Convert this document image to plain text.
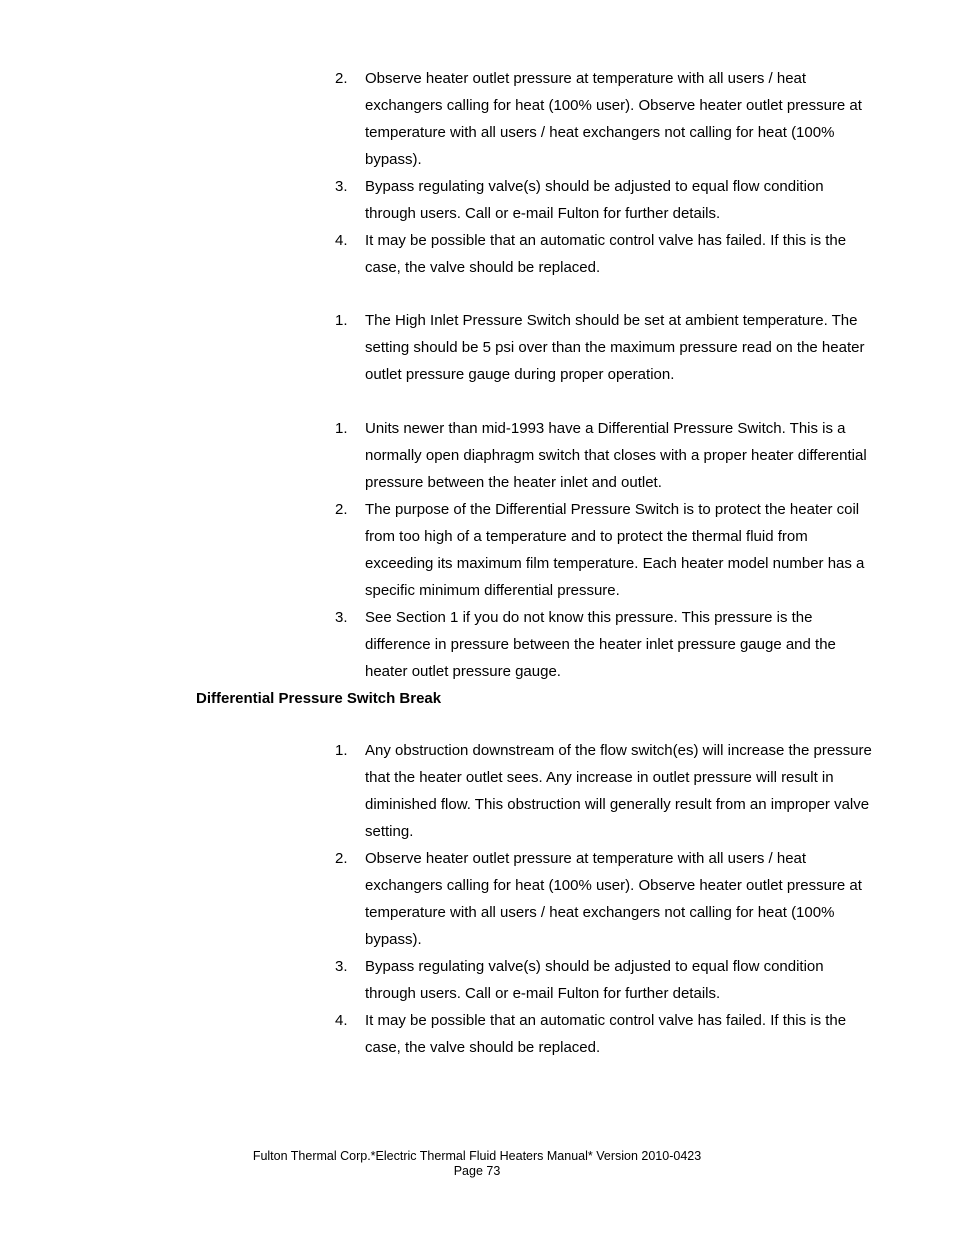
2.	Observe heater outlet pressure at temperature with all users / heat exchangers calling for heat (100% user). Observe heater outlet pressure at temperature with all users / heat exchangers not calling for heat (100% bypass).
3.	Bypass regulating valve(s) should be adjusted to equal flow condition through users. Call or e-mail Fulton for further details.
4.	It may be possible that an automatic control valve has failed. If this is the case, the valve should be replaced.
1.	The High Inlet Pressure Switch should be set at ambient temperature. The setting should be 5 psi over than the maximum pressure read on the heater outlet pressure gauge during proper operation.
1.	Units newer than mid-1993 have a Differential Pressure Switch. This is a normally open diaphragm switch that closes with a proper heater differential pressure between the heater inlet and outlet.
2.	The purpose of the Differential Pressure Switch is to protect the heater coil from too high of a temperature and to protect the thermal fluid from exceeding its maximum film temperature. Each heater model number has a specific minimum differential pressure.
3.	See Section 1 if you do not know this pressure. This pressure is the difference in pressure between the heater inlet pressure gauge and the heater outlet pressure gauge.
Differential Pressure Switch Break
1.	Any obstruction downstream of the flow switch(es) will increase the pressure that the heater outlet sees. Any increase in outlet pressure will result in diminished flow. This obstruction will generally result from an improper valve setting.
2.	Observe heater outlet pressure at temperature with all users / heat exchangers calling for heat (100% user). Observe heater outlet pressure at temperature with all users / heat exchangers not calling for heat (100% bypass).
3.	Bypass regulating valve(s) should be adjusted to equal flow condition through users. Call or e-mail Fulton for further details.
4.	It may be possible that an automatic control valve has failed. If this is the case, the valve should be replaced.
Fulton Thermal Corp.*Electric Thermal Fluid Heaters Manual* Version 2010-0423
Page 73
